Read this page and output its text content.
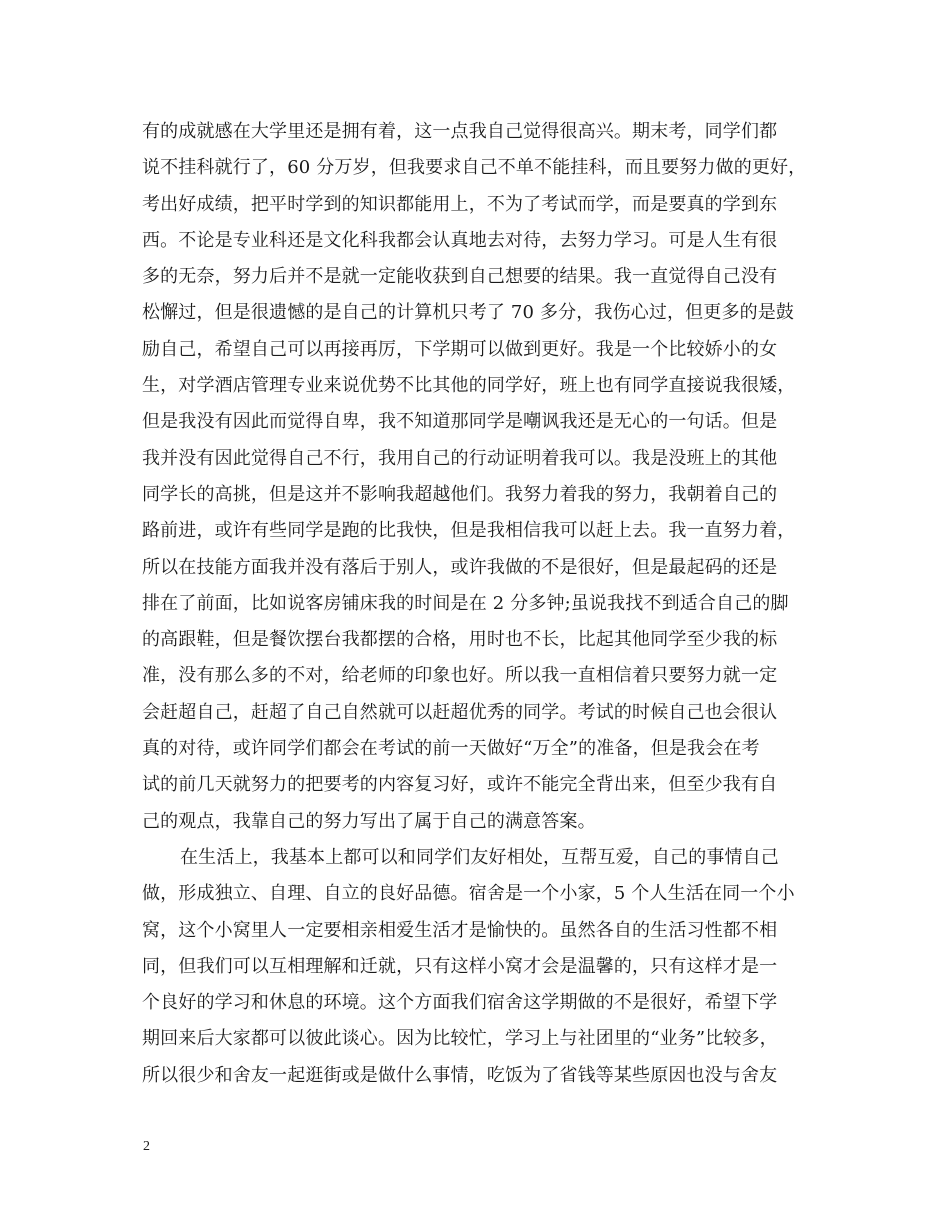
有的成就感在大学里还是拥有着，这一点我自己觉得很高兴。期末考，同学们都
说不挂科就行了，60 分万岁，但我要求自己不单不能挂科，而且要努力做的更好，
考出好成绩，把平时学到的知识都能用上，不为了考试而学，而是要真的学到东
西。不论是专业科还是文化科我都会认真地去对待，去努力学习。可是人生有很
多的无奈，努力后并不是就一定能收获到自己想要的结果。我一直觉得自己没有
松懈过，但是很遗憾的是自己的计算机只考了 70 多分，我伤心过，但更多的是鼓
励自己，希望自己可以再接再厉，下学期可以做到更好。我是一个比较娇小的女
生，对学酒店管理专业来说优势不比其他的同学好，班上也有同学直接说我很矮，
但是我没有因此而觉得自卑，我不知道那同学是嘲讽我还是无心的一句话。但是
我并没有因此觉得自己不行，我用自己的行动证明着我可以。我是没班上的其他
同学长的高挑，但是这并不影响我超越他们。我努力着我的努力，我朝着自己的
路前进，或许有些同学是跑的比我快，但是我相信我可以赶上去。我一直努力着，
所以在技能方面我并没有落后于别人，或许我做的不是很好，但是最起码的还是
排在了前面，比如说客房铺床我的时间是在 2 分多钟;虽说我找不到适合自己的脚
的高跟鞋，但是餐饮摆台我都摆的合格，用时也不长，比起其他同学至少我的标
准，没有那么多的不对，给老师的印象也好。所以我一直相信着只要努力就一定
会赶超自己，赶超了自己自然就可以赶超优秀的同学。考试的时候自己也会很认
真的对待，或许同学们都会在考试的前一天做好“万全”的准备，但是我会在考
试的前几天就努力的把要考的内容复习好，或许不能完全背出来，但至少我有自
己的观点，我靠自己的努力写出了属于自己的满意答案。

在生活上，我基本上都可以和同学们友好相处，互帮互爱，自己的事情自己
做，形成独立、自理、自立的良好品德。宿舍是一个小家，5 个人生活在同一个小
窝，这个小窝里人一定要相亲相爱生活才是愉快的。虽然各自的生活习性都不相
同，但我们可以互相理解和迁就，只有这样小窝才会是温馨的，只有这样才是一
个良好的学习和休息的环境。这个方面我们宿舍这学期做的不是很好，希望下学
期回来后大家都可以彼此谈心。因为比较忙，学习上与社团里的“业务”比较多，
所以很少和舍友一起逛街或是做什么事情，吃饭为了省钱等某些原因也没与舍友

2
